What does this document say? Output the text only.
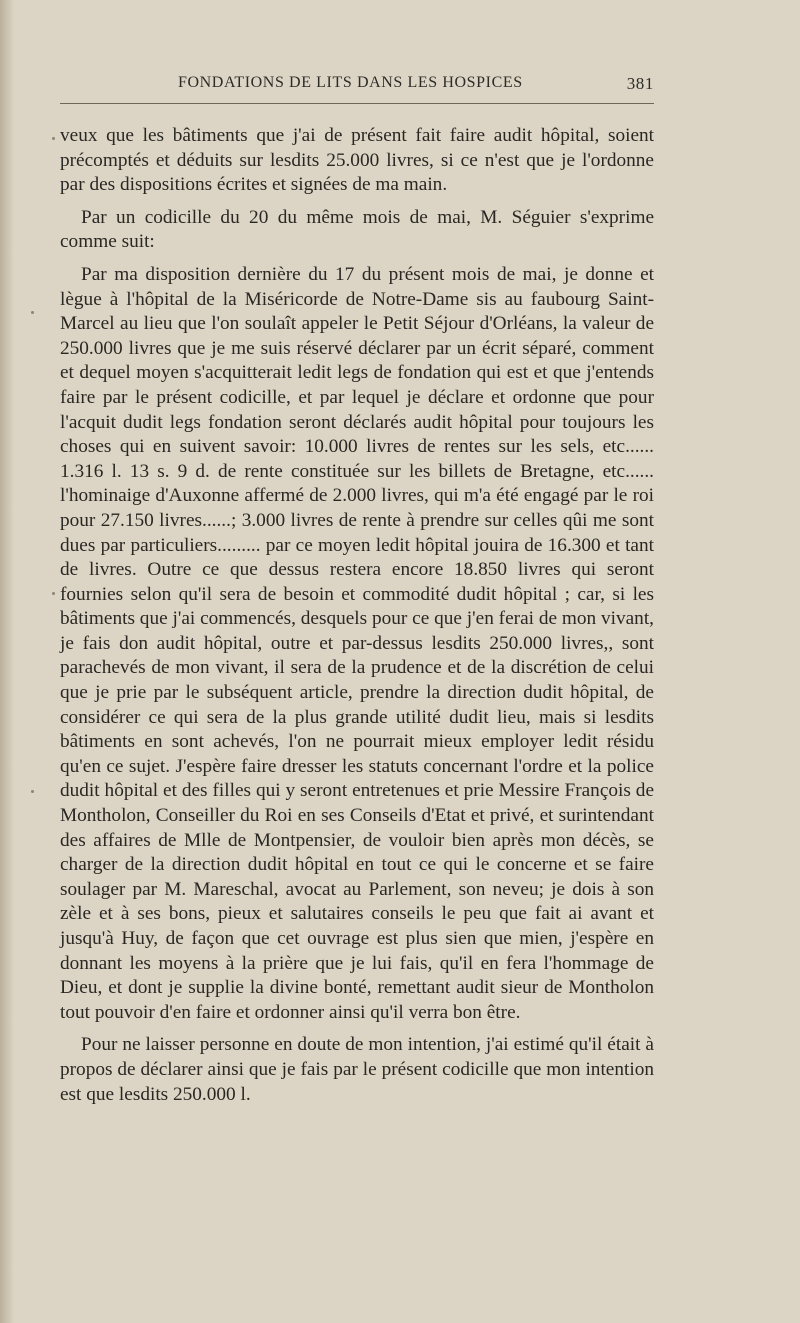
FONDATIONS DE LITS DANS LES HOSPICES	381

veux que les bâtiments que j'ai de présent fait faire audit hôpital, soient précomptés et déduits sur lesdits 25.000 livres, si ce n'est que je l'ordonne par des dispositions écrites et signées de ma main.

Par un codicille du 20 du même mois de mai, M. Séguier s'exprime comme suit:

Par ma disposition dernière du 17 du présent mois de mai, je donne et lègue à l'hôpital de la Miséricorde de Notre-Dame sis au faubourg Saint-Marcel au lieu que l'on soulaît appeler le Petit Séjour d'Orléans, la valeur de 250.000 livres que je me suis réservé déclarer par un écrit séparé, comment et dequel moyen s'acquitterait ledit legs de fondation qui est et que j'entends faire par le présent codicille, et par lequel je déclare et ordonne que pour l'acquit dudit legs fondation seront déclarés audit hôpital pour toujours les choses qui en suivent savoir: 10.000 livres de rentes sur les sels, etc...... 1.316 l. 13 s. 9 d. de rente constituée sur les billets de Bretagne, etc...... l'hominaige d'Auxonne affermé de 2.000 livres, qui m'a été engagé par le roi pour 27.150 livres......; 3.000 livres de rente à prendre sur celles qûi me sont dues par particuliers......... par ce moyen ledit hôpital jouira de 16.300 et tant de livres. Outre ce que dessus restera encore 18.850 livres qui seront fournies selon qu'il sera de besoin et commodité dudit hôpital ; car, si les bâtiments que j'ai commencés, desquels pour ce que j'en ferai de mon vivant, je fais don audit hôpital, outre et par-dessus lesdits 250.000 livres,, sont parachevés de mon vivant, il sera de la prudence et de la discrétion de celui que je prie par le subséquent article, prendre la direction dudit hôpital, de considérer ce qui sera de la plus grande utilité dudit lieu, mais si lesdits bâtiments en sont achevés, l'on ne pourrait mieux employer ledit résidu qu'en ce sujet. J'espère faire dresser les statuts concernant l'ordre et la police dudit hôpital et des filles qui y seront entretenues et prie Messire François de Montholon, Conseiller du Roi en ses Conseils d'Etat et privé, et surintendant des affaires de Mlle de Montpensier, de vouloir bien après mon décès, se charger de la direction dudit hôpital en tout ce qui le concerne et se faire soulager par M. Mareschal, avocat au Parlement, son neveu; je dois à son zèle et à ses bons, pieux et salutaires conseils le peu que fait ai avant et jusqu'à Huy, de façon que cet ouvrage est plus sien que mien, j'espère en donnant les moyens à la prière que je lui fais, qu'il en fera l'hommage de Dieu, et dont je supplie la divine bonté, remettant audit sieur de Montholon tout pouvoir d'en faire et ordonner ainsi qu'il verra bon être.

Pour ne laisser personne en doute de mon intention, j'ai estimé qu'il était à propos de déclarer ainsi que je fais par le présent codicille que mon intention est que lesdits 250.000 l.
